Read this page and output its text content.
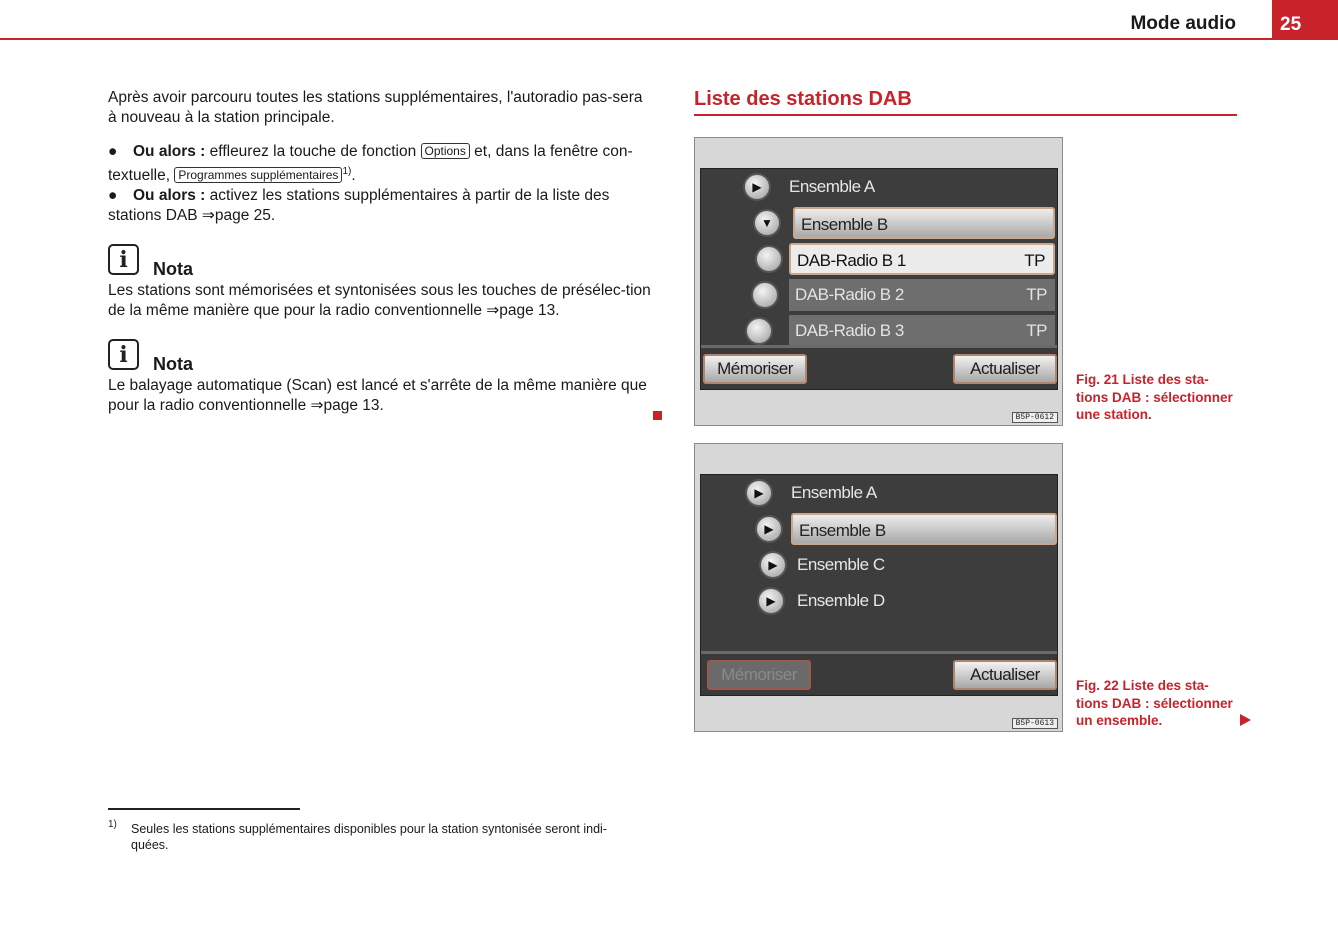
Mode audio	25

Après avoir parcouru toutes les stations supplémentaires, l'autoradio pas-sera à nouveau à la station principale.

● Ou alors : effleurez la touche de fonction Options et, dans la fenêtre con-textuelle, Programmes supplémentaires $^{1)}$.

● Ou alors : activez les stations supplémentaires à partir de la liste des stations DAB ⇒page 25.

i	Nota

Les stations sont mémorisées et syntonisées sous les touches de présélec-tion de la même manière que pour la radio conventionnelle ⇒page 13.

i	Nota

Le balayage automatique (Scan) est lancé et s'arrête de la même manière que pour la radio conventionnelle ⇒page 13.

1)	Seules les stations supplémentaires disponibles pour la station syntonisée seront indi-quées.
Liste des stations DAB
▶	Ensemble A
▼	Ensemble B
DAB-Radio B 1	TP
DAB-Radio B 2	TP
DAB-Radio B 3	TP
Mémoriser	Actualiser
B5P-0612
Fig. 21 Liste des sta-tions DAB : sélectionner une station.
▶	Ensemble A
▶	Ensemble B
▶	Ensemble C
▶	Ensemble D
Mémoriser	Actualiser
B5P-0613
Fig. 22 Liste des sta-tions DAB : sélectionner un ensemble.
